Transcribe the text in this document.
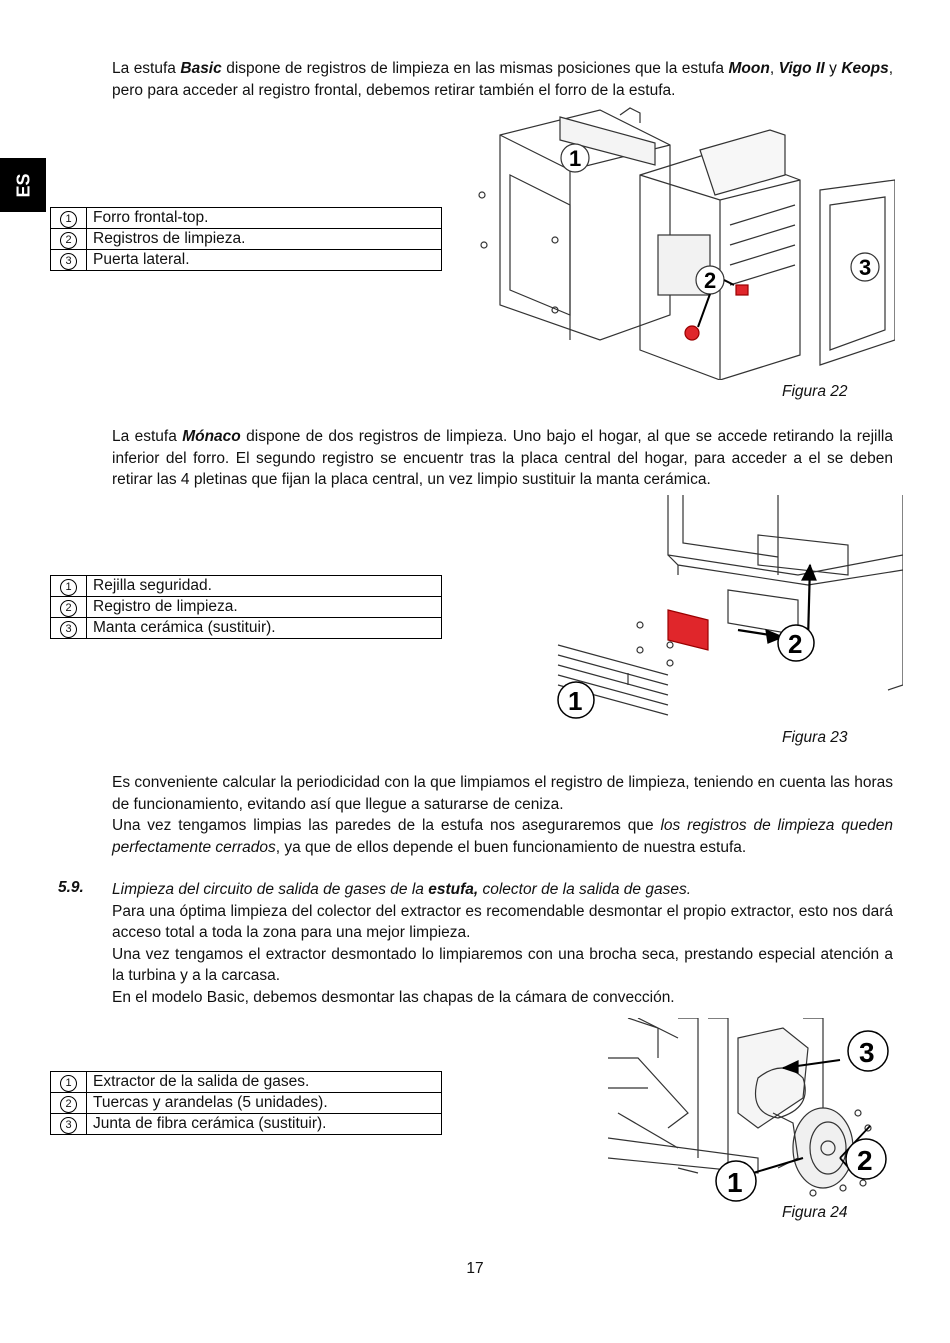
ES

La estufa Basic dispone de registros de limpieza en las mismas posiciones que la estufa Moon, Vigo II y Keops, pero para acceder al registro frontal, debemos retirar también el forro de la estufa.

1	Forro frontal-top.
2	Registros de limpieza.
3	Puerta lateral.
1
2
3
Figura 22

La estufa Mónaco dispone de dos registros de limpieza. Uno bajo el hogar, al que se accede retirando la rejilla inferior del forro. El segundo registro se encuentr tras la placa central del hogar, para acceder a el se deben retirar las 4 pletinas que fijan la placa central, un vez limpio sustituir la manta cerámica.

1	Rejilla seguridad.
2	Registro de limpieza.
3	Manta cerámica (sustituir).
1
2
Figura 23

Es conveniente calcular la periodicidad con la que limpiamos el registro de limpieza, teniendo en cuenta las horas de funcionamiento, evitando así que llegue a saturarse de ceniza.

Una vez tengamos limpias las paredes de la estufa nos aseguraremos que los registros de limpieza queden perfectamente cerrados, ya que de ellos depende el buen funcionamiento de nuestra estufa.

5.9. Limpieza del circuito de salida de gases de la estufa, colector de la salida de gases.

Para una óptima limpieza del colector del extractor es recomendable desmontar el propio extractor, esto nos dará acceso total a toda la zona para una mejor limpieza.

Una vez tengamos el extractor desmontado lo limpiaremos con una brocha seca, prestando especial atención a la turbina y a la carcasa.

En el modelo Basic, debemos desmontar las chapas de la cámara de convección.

1	Extractor de la salida de gases.
2	Tuercas y arandelas (5 unidades).
3	Junta de fibra cerámica (sustituir).
1
2
3
Figura 24
17
